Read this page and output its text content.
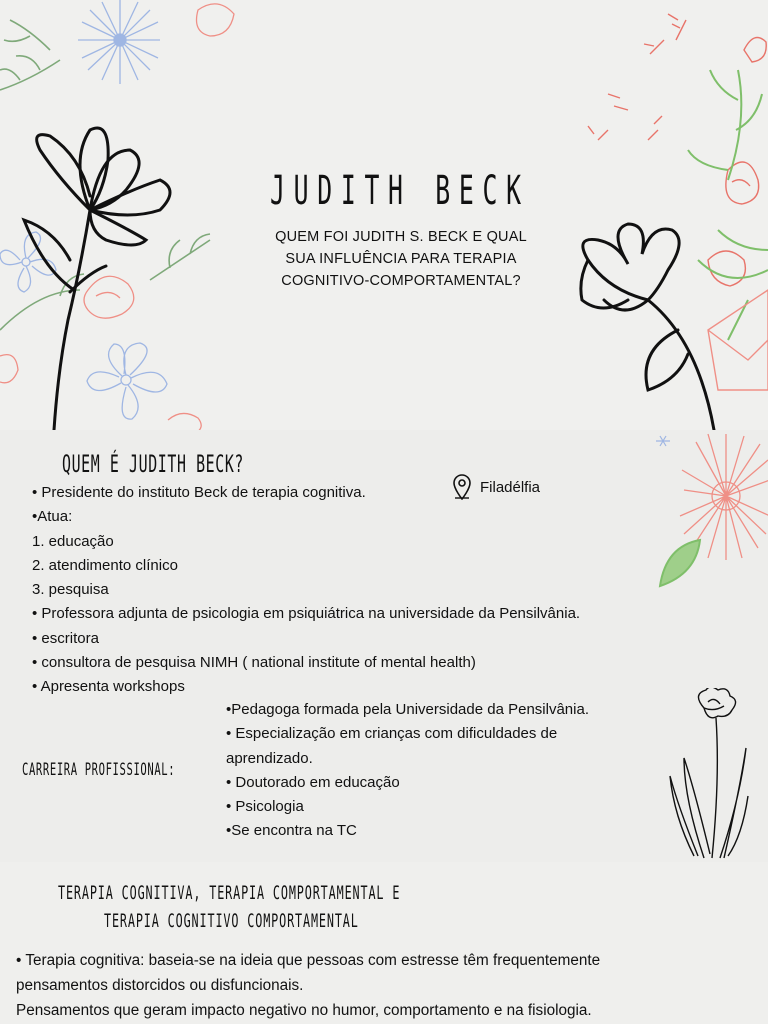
JUDITH BECK
QUEM FOI JUDITH S. BECK E QUAL
SUA INFLUÊNCIA PARA TERAPIA
COGNITIVO-COMPORTAMENTAL?
QUEM É JUDITH BECK?
Filadélfia
• Presidente do instituto Beck de terapia cognitiva.
•Atua:
1. educação
2. atendimento clínico
3. pesquisa
• Professora adjunta de psicologia em psiquiátrica na universidade da Pensilvânia.
• escritora
• consultora de pesquisa NIMH ( national institute of mental health)
• Apresenta workshops
CARREIRA PROFISSIONAL:
•Pedagoga formada pela Universidade da Pensilvânia.
• Especialização em crianças com dificuldades de
aprendizado.
• Doutorado em educação
• Psicologia
•Se encontra na TC
TERAPIA COGNITIVA, TERAPIA COMPORTAMENTAL E
TERAPIA COGNITIVO COMPORTAMENTAL
• Terapia cognitiva: baseia-se na ideia que pessoas com estresse têm frequentemente
pensamentos distorcidos ou disfuncionais.
Pensamentos que geram impacto negativo no humor, comportamento e na fisiologia.
